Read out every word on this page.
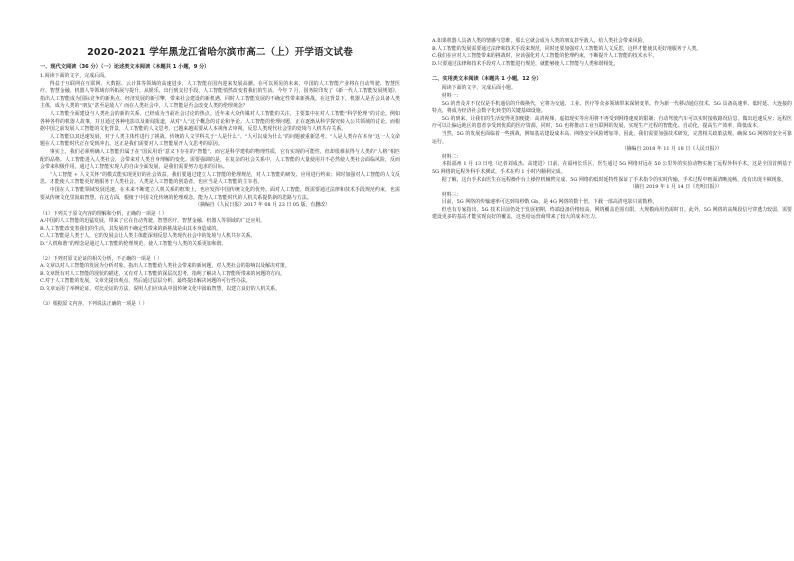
2020-2021 学年黑龙江省哈尔滨市高二（上）开学语文试卷
一、现代文阅读（36 分）（一）论述类文本阅读（本题共 1 小题，9 分）
1.阅读下面的文字，完成后面。
得益于互联网在互联网、大数据、云计算等领域的高速进步，人工智能在国内迎来发展高潮。在可以预见的未来，中国的人工智能产业将在自动驾驶、智慧医疗、智慧金融、机器人等领域有所拓展与提升。从娱乐、出行到支付手段，人工智能悄然改变着我们的生活。今年 7 月，国务院印发了《新一代人工智能发展规划》，指出人工智能成为国际竞争的新焦点、经济发展的新引擎，带来社会建设的新机遇，同时人工智能发展的不确定性带来新挑战。在这背景下，机器人是否会具备人类主体，成为人类的“朋友”甚至是敌人？而在人类社会中，人工智能是否会改变人类的伦理观念？
人工智能全面建设与人类社会的新的关系，已经成为当前社会讨论的热点。近年来大众传媒对人工智能的关注，主要集中在对人工智能“科学伦理”的讨论。例如各种各样的机器人故事，并且通过各种电影以及新闻报道，从对“人”这个概念的讨论和争论。人工智能的伦理问题，正在逐渐从科学探究转入公共领域的讨论。而根据中国之前发展人工智能的文化背景，人工智能的人文思考，已越来越需要从人本视角去审视、反思人类现代社会里的处境与人机共存关系。
人工智能以其迅速发展，对于人类主体性进行了挑战。传统的人文学科关于“人是什么”、“人可以成为什么”的问题被重新思考。“人是人类存在本身”这一人文命题在人工智能时代正在受到冲击。这正是我们需要对人工智能展开人文思考的原因。
事实上，我们必须明确人工智能归属于在“国民用语”意义下存在的“智能”，而它是科学建构的物理性质，它有实现的可能性，但却很难获得与人类的“人格”相匹配的品格。人工智能进入人类社会，会带来对人类自身理解的变化。需要强调的是，在复杂的社会关系中，人工智能的大量使用并不必然使人类社会面临风险，反而会带来积极作用。通过人工智能实现人的自由全面发展，是我们需要努力追求的目标。
“人工智能 + 人文关怀”的模式能实现更好的社会效益。我们要通过建立人工智能的伦理规范，对人工智能的研发、应用进行约束；同时加强对人工智能的人文反思，才能使人工智能更好地服务于人类社会。人类是人工智能的创造者，也应当是人工智能的主宰者。
中国在人工智能领域发展迅速，在未来不断建立人机关系的框架上，也应发挥中国传统文化的优势。面对人工智能，既需要通过法律和技术手段规范约束，也需要从传统文化里汲取智慧。在这方面，根植于中国文化传统的伦理观念，能为人工智能时代的人机关系提供新的思路与方法。
（摘编自《人民日报》2017 年 08 月 23 日 05 版，有删改）
（1）下列关于原文内容的理解和分析，正确的一项是（ ）
A.中国的人工智能的迅猛发展，带来了它在自动驾驶、智慧医疗、智慧金融、机器人等领域的广泛应用。
B.人工智能改变着我们的生活，其发展的不确定性带来的新挑战是由其本身造成的。
C.人工智能是人类于人，它的发展会让人类主体能深刻反思人类现代社会中的处境与人机共存关系。
D.“人机和谐”的理念是通过人工智能的伦理规范，使人工智能与人类的关系更加和谐。
（2）下列对原文论证的相关分析，不正确的一项是（ ）
A.文章以对人工智能的发展为分析对象，指出人工智能给人类社会带来的新问题，对人类社会的影响以及解决对策。
B.文章既有对人工智能的现状的描述，又有对人工智能的深层次思考，指明了解决人工智能所带来的问题的方向。
C.对于人工智能的发展，文章先提出观点，然后通过层层分析，最终提出解决问题的可行性办法。
D.文章运用了举例论证、对比论证的方法，说明人们应该从中国传统文化中汲取智慧，以建立良好的人机关系。
（3）根据原文内容，下列说法正确的一项是（ ）
A.如果机器人具备人类的情感与思维，那么它就会成为人类的朋友甚至敌人，给人类社会带来风险。
B.人工智能的发展需要通过法律和技术手段来规范，同时还要加强对人工智能的人文反思，这样才能使其更好地服务于人类。
C.我们在应对人工智能带来的挑战时，应该强化对人工智能的伦理约束，不断提升人工智能的技术水平。
D.只要通过法律和技术手段对人工智能进行规范，就能够使人工智能与人类和谐相处。
二、实用类文本阅读（本题共 1 小题，12 分）
阅读下面的文字，完成后面小题。
材料一：
5G 的普及并不仅仅是手机通信的升级换代，它将为交通、工业、医疗等众多领域带来深刻变革。作为新一代移动通信技术，5G 具备高速率、低时延、大连接的特点，将成为经济社会数字化转型的关键基础设施。
5G 的到来，让我们的生活变得更加便捷：高清视频、虚拟现实等应用将不再受到网络速度的限制；自动驾驶汽车可以实时接收路况信息，做出迅速反应；远程医疗可以让偏远地区的患者享受到优质的医疗资源。同时，5G 也将推动工业互联网的发展，实现生产过程的智能化、自动化，提高生产效率，降低成本。
当然，5G 的发展也面临着一些挑战，例如基站建设成本高、网络安全风险增加等。因此，我们需要加强技术研发，完善相关政策法规，确保 5G 网络的安全可靠运行。
（摘编自 2018 年 11 月 18 日《人民日报》）
材料二：
本报福州 1 月 13 日电（记者刘成杰、高建进）日前，在福州长乐区，医生通过 5G 网络对远在 50 公里外的实验动物实施了远程外科手术。这是全国首例基于 5G 网络的远程外科手术测试，手术在约 1 小时内顺利完成。
据了解，这台手术由医生在远程操作台上操控机械臂完成，5G 网络的低时延特性保证了手术指令的实时传输，手术过程中画面清晰流畅，没有出现卡顿现象。
（摘自 2019 年 1 月 14 日《光明日报》）
材料三：
目前，5G 网络的传输速率可达到每秒数 Gb，是 4G 网络的数十倍，下载一部高清电影只需数秒。
但也有专家指出，5G 技术目前仍处于发展初期，终端设备价格较高，网络覆盖范围有限，大规模商用仍需时日。此外，5G 网络的高频段信号穿透力较弱，需要建设更多的基站才能实现良好的覆盖，这也给运营商带来了较大的成本压力。
